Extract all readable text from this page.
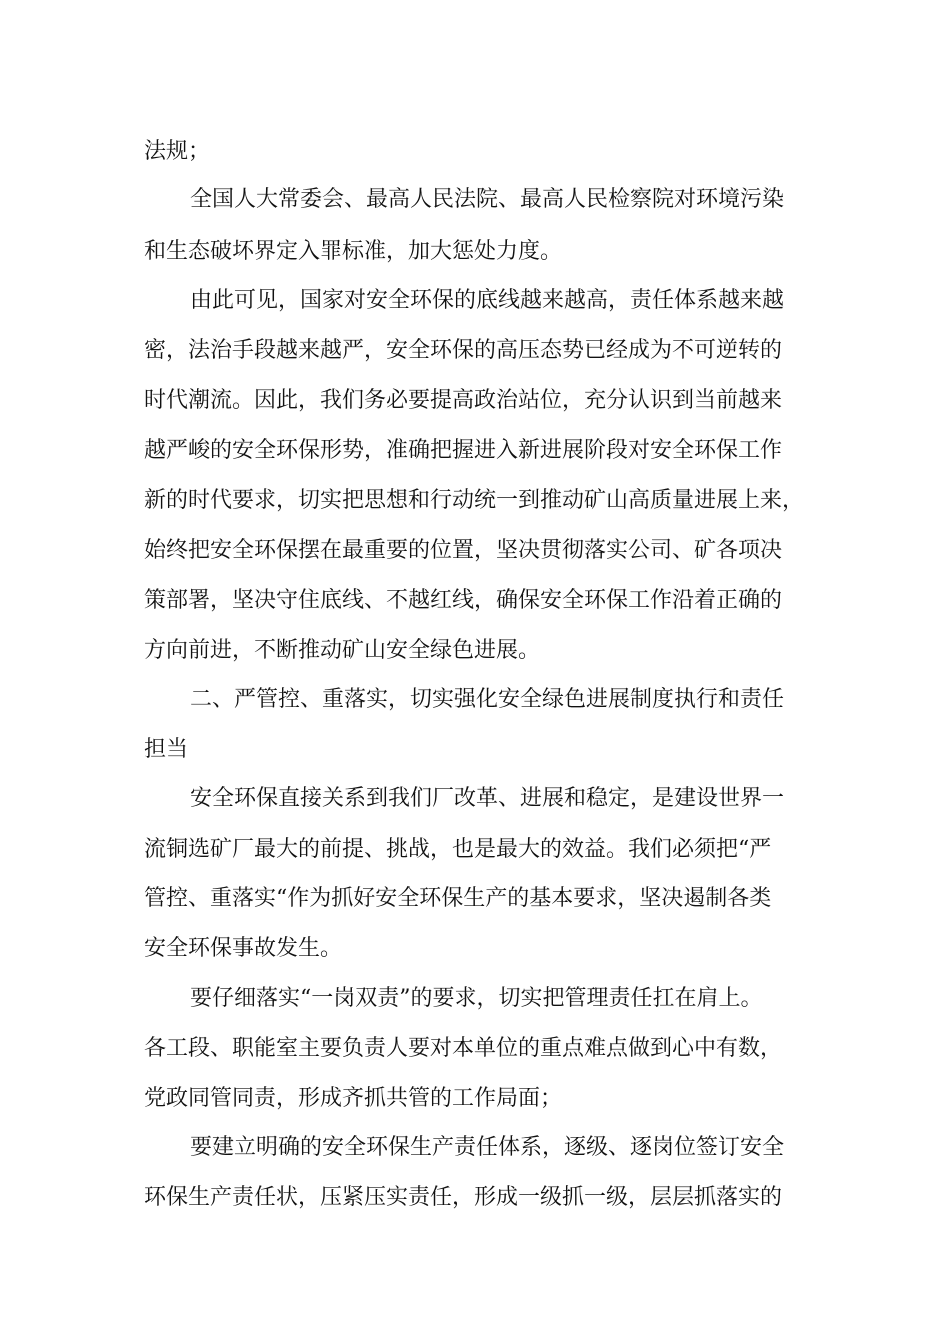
法规；
全国人大常委会、最高人民法院、最高人民检察院对环境污染
和生态破坏界定入罪标准，加大惩处力度。
由此可见，国家对安全环保的底线越来越高，责任体系越来越
密，法治手段越来越严，安全环保的高压态势已经成为不可逆转的
时代潮流。因此，我们务必要提高政治站位，充分认识到当前越来
越严峻的安全环保形势，准确把握进入新进展阶段对安全环保工作
新的时代要求，切实把思想和行动统一到推动矿山高质量进展上来，
始终把安全环保摆在最重要的位置，坚决贯彻落实公司、矿各项决
策部署，坚决守住底线、不越红线，确保安全环保工作沿着正确的
方向前进，不断推动矿山安全绿色进展。
二、严管控、重落实，切实强化安全绿色进展制度执行和责任
担当
安全环保直接关系到我们厂改革、进展和稳定，是建设世界一
流铜选矿厂最大的前提、挑战，也是最大的效益。我们必须把“严
管控、重落实“作为抓好安全环保生产的基本要求，坚决遏制各类
安全环保事故发生。
要仔细落实“一岗双责”的要求，切实把管理责任扛在肩上。
各工段、职能室主要负责人要对本单位的重点难点做到心中有数，
党政同管同责，形成齐抓共管的工作局面；
要建立明确的安全环保生产责任体系，逐级、逐岗位签订安全
环保生产责任状，压紧压实责任，形成一级抓一级，层层抓落实的
